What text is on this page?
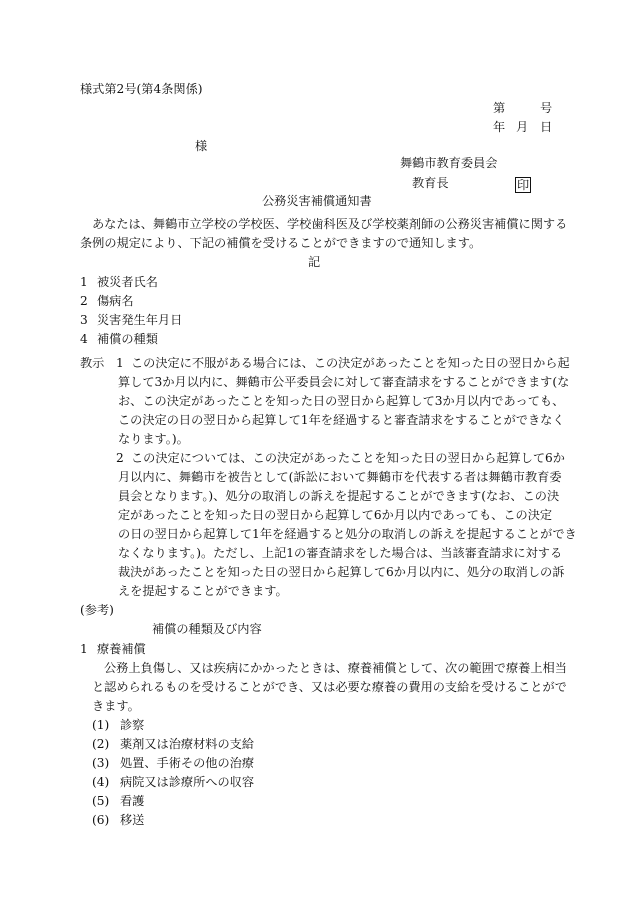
様式第2号(第4条関係)
第	号
年 月 日
様
舞鶴市教育委員会
教育長	印
公務災害補償通知書
あなたは、舞鶴市立学校の学校医、学校歯科医及び学校薬剤師の公務災害補償に関する
条例の規定により、下記の補償を受けることができますので通知します。
記
1 被災者氏名
2 傷病名
3 災害発生年月日
4 補償の種類
教示 1 この決定に不服がある場合には、この決定があったことを知った日の翌日から起
算して3か月以内に、舞鶴市公平委員会に対して審査請求をすることができます(な
お、この決定があったことを知った日の翌日から起算して3か月以内であっても、
この決定の日の翌日から起算して1年を経過すると審査請求をすることができなく
なります。)。
2 この決定については、この決定があったことを知った日の翌日から起算して6か
月以内に、舞鶴市を被告として(訴訟において舞鶴市を代表する者は舞鶴市教育委
員会となります。)、処分の取消しの訴えを提起することができます(なお、この決
定があったことを知った日の翌日から起算して6か月以内であっても、この決定
の日の翌日から起算して1年を経過すると処分の取消しの訴えを提起することができ
なくなります。)。ただし、上記1の審査請求をした場合は、当該審査請求に対する
裁決があったことを知った日の翌日から起算して6か月以内に、処分の取消しの訴
えを提起することができます。
(参考)
補償の種類及び内容
1 療養補償
公務上負傷し、又は疾病にかかったときは、療養補償として、次の範囲で療養上相当
と認められるものを受けることができ、又は必要な療養の費用の支給を受けることがで
きます。
(1) 診察
(2) 薬剤又は治療材料の支給
(3) 処置、手術その他の治療
(4) 病院又は診療所への収容
(5) 看護
(6) 移送
